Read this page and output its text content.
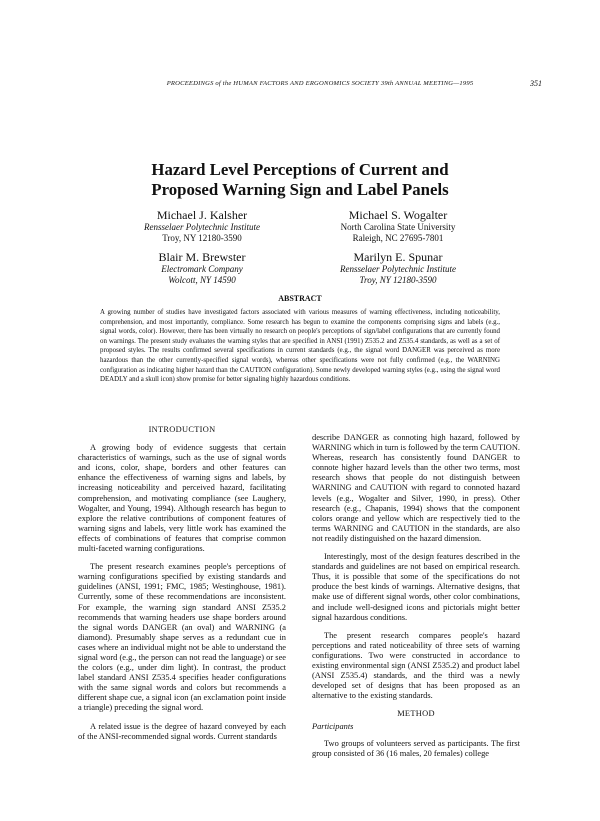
PROCEEDINGS of the HUMAN FACTORS AND ERGONOMICS SOCIETY 39th ANNUAL MEETING—1995	351
Hazard Level Perceptions of Current and
Proposed Warning Sign and Label Panels
Michael J. Kalsher
Rensselaer Polytechnic Institute
Troy, NY 12180-3590
Michael S. Wogalter
North Carolina State University
Raleigh, NC 27695-7801
Blair M. Brewster
Electromark Company
Wolcott, NY 14590
Marilyn E. Spunar
Rensselaer Polytechnic Institute
Troy, NY 12180-3590
ABSTRACT
A growing number of studies have investigated factors associated with various measures of warning effectiveness, including noticeability, comprehension, and most importantly, compliance. Some research has begun to examine the components comprising signs and labels (e.g., signal words, color). However, there has been virtually no research on people's perceptions of sign/label configurations that are currently found on warnings. The present study evaluates the warning styles that are specified in ANSI (1991) Z535.2 and Z535.4 standards, as well as a set of proposed styles. The results confirmed several specifications in current standards (e.g., the signal word DANGER was perceived as more hazardous than the other currently-specified signal words), whereas other specifications were not fully confirmed (e.g., the WARNING configuration as indicating higher hazard than the CAUTION configuration). Some newly developed warning styles (e.g., using the signal word DEADLY and a skull icon) show promise for better signaling highly hazardous conditions.
INTRODUCTION

A growing body of evidence suggests that certain characteristics of warnings, such as the use of signal words and icons, color, shape, borders and other features can enhance the effectiveness of warning signs and labels, by increasing noticeability and perceived hazard, facilitating comprehension, and motivating compliance (see Laughery, Wogalter, and Young, 1994). Although research has begun to explore the relative contributions of component features of warning signs and labels, very little work has examined the effects of combinations of features that comprise common multi-faceted warning configurations.

The present research examines people's perceptions of warning configurations specified by existing standards and guidelines (ANSI, 1991; FMC, 1985; Westinghouse, 1981). Currently, some of these recommendations are inconsistent. For example, the warning sign standard ANSI Z535.2 recommends that warning headers use shape borders around the signal words DANGER (an oval) and WARNING (a diamond). Presumably shape serves as a redundant cue in cases where an individual might not be able to understand the signal word (e.g., the person can not read the language) or see the colors (e.g., under dim light). In contrast, the product label standard ANSI Z535.4 specifies header configurations with the same signal words and colors but recommends a different shape cue, a signal icon (an exclamation point inside a triangle) preceding the signal word.

A related issue is the degree of hazard conveyed by each of the ANSI-recommended signal words. Current standards

describe DANGER as connoting high hazard, followed by WARNING which in turn is followed by the term CAUTION. Whereas, research has consistently found DANGER to connote higher hazard levels than the other two terms, most research shows that people do not distinguish between WARNING and CAUTION with regard to connoted hazard levels (e.g., Wogalter and Silver, 1990, in press). Other research (e.g., Chapanis, 1994) shows that the component colors orange and yellow which are respectively tied to the terms WARNING and CAUTION in the standards, are also not readily distinguished on the hazard dimension.

Interestingly, most of the design features described in the standards and guidelines are not based on empirical research. Thus, it is possible that some of the specifications do not produce the best kinds of warnings. Alternative designs, that make use of different signal words, other color combinations, and include well-designed icons and pictorials might better signal hazardous conditions.

The present research compares people's hazard perceptions and rated noticeability of three sets of warning configurations. Two were constructed in accordance to existing environmental sign (ANSI Z535.2) and product label (ANSI Z535.4) standards, and the third was a newly developed set of designs that has been proposed as an alternative to the existing standards.

METHOD
Participants

Two groups of volunteers served as participants. The first group consisted of 36 (16 males, 20 females) college
